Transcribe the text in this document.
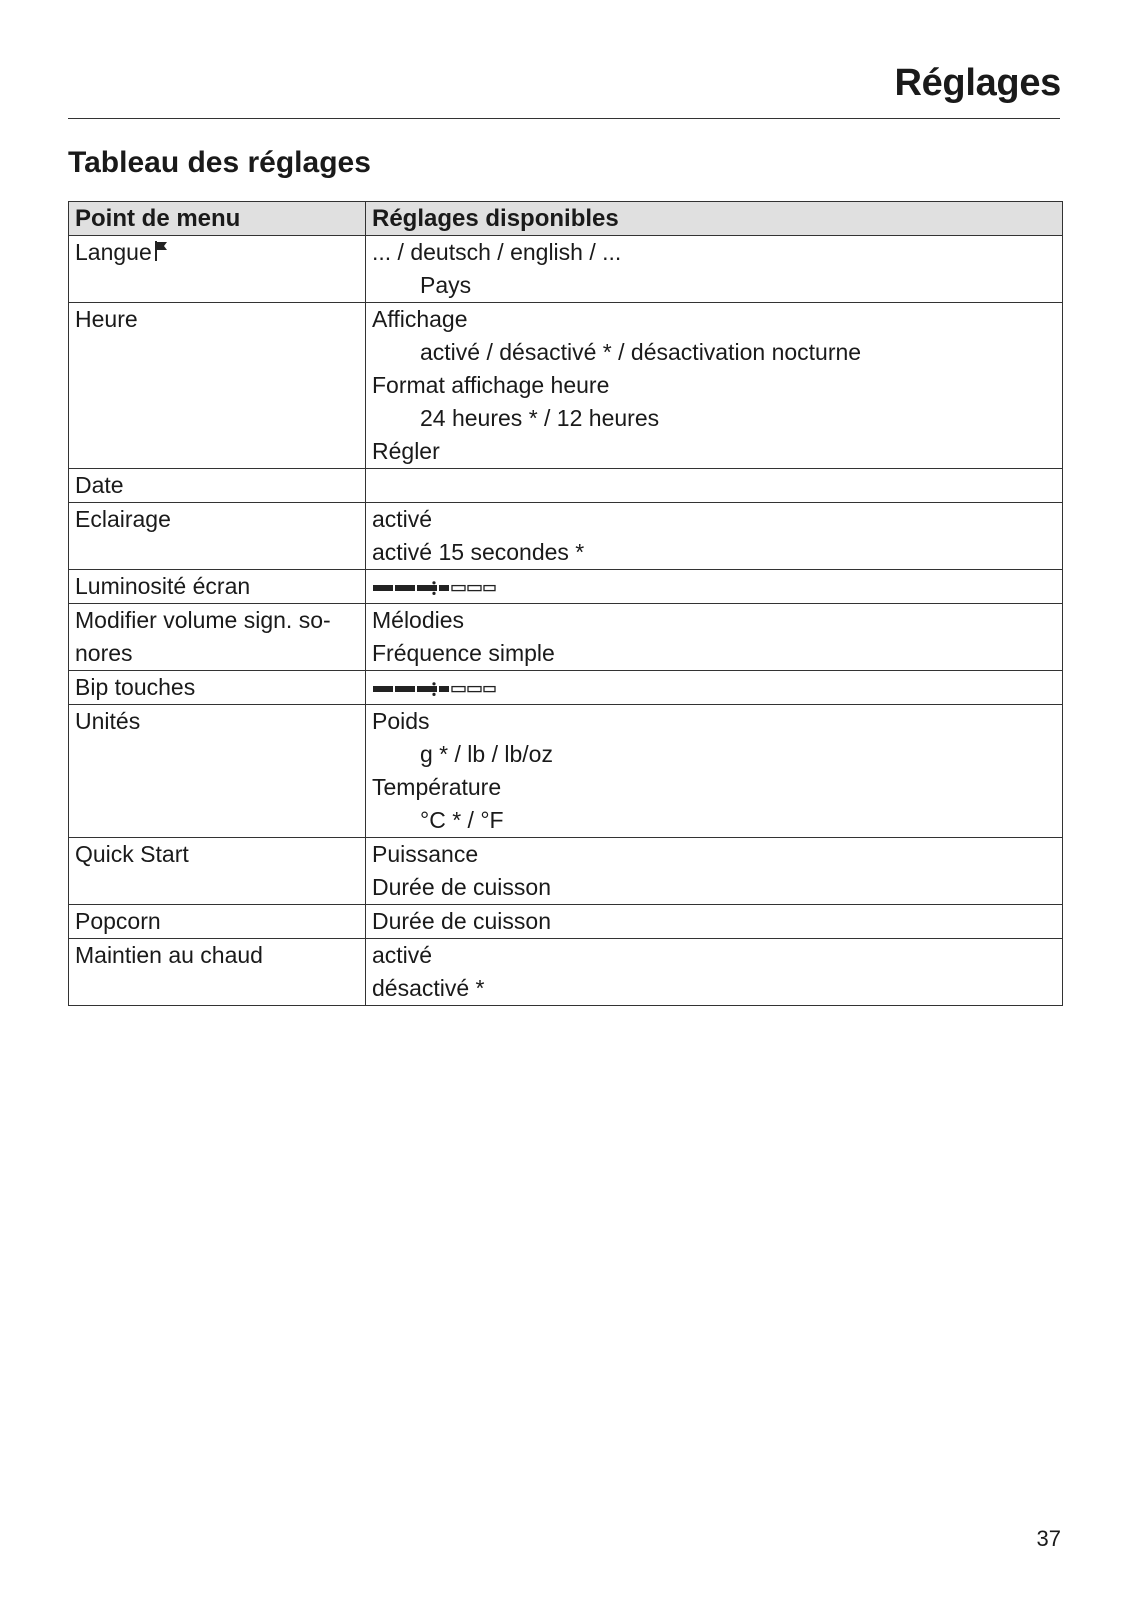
Réglages
Tableau des réglages
Point de menu	Réglages disponibles
Langue	... / deutsch / english / ...
Pays

Heure	Affichage
activé / désactivé * / désactivation nocturne
Format affichage heure
24 heures * / 12 heures
Régler

Date	
Eclairage	activé
activé 15 secondes *

Luminosité écran	

Modifier volume sign. so-
nores	Mélodies
Fréquence simple

Bip touches	
Unités	Poids
g * / lb / lb/oz
Température
°C * / °F

Quick Start	Puissance
Durée de cuisson

Popcorn	Durée de cuisson

Maintien au chaud	activé
désactivé *
37
